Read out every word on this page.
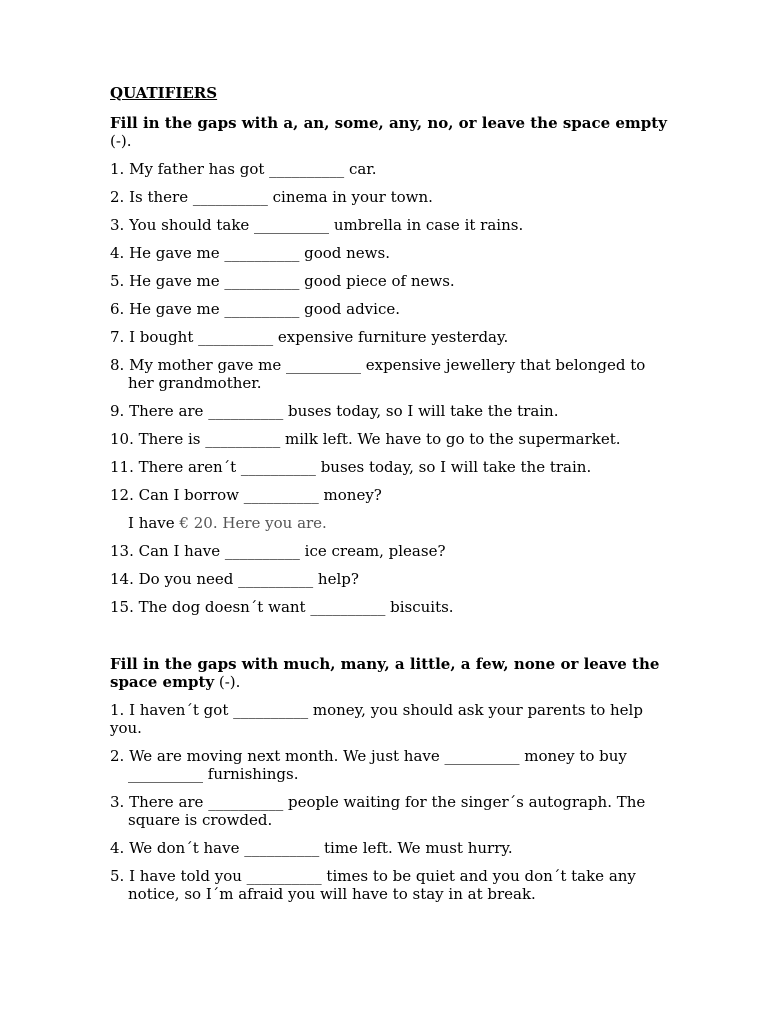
QUATIFIERS
Fill in the gaps with a, an, some, any, no, or leave the space empty (-).
1. My father has got __________ car.
2. Is there __________ cinema in your town.
3. You should take __________ umbrella in case it rains.
4. He gave me __________ good news.
5. He gave me __________ good piece of news.
6. He gave me __________ good advice.
7. I bought __________ expensive furniture yesterday.
8. My mother gave me __________ expensive jewellery that belonged to her grandmother.
9. There are __________ buses today, so I will take the train.
10. There is __________ milk left. We have to go to the supermarket.
11. There aren´t __________ buses today, so I will take the train.
12. Can I borrow __________ money?
I have € 20. Here you are.
13. Can I have __________ ice cream, please?
14. Do you need __________ help?
15. The dog doesn´t want __________ biscuits.
Fill in the gaps with much, many, a little, a few, none or leave the space empty (-).
1. I haven´t got __________ money, you should ask your parents to help you.
2. We are moving next month. We just have __________ money to buy __________ furnishings.
3. There are __________ people waiting for the singer´s autograph. The square is crowded.
4. We don´t have __________ time left. We must hurry.
5. I have told you __________ times to be quiet and you don´t take any notice, so I´m afraid you will have to stay in at break.
